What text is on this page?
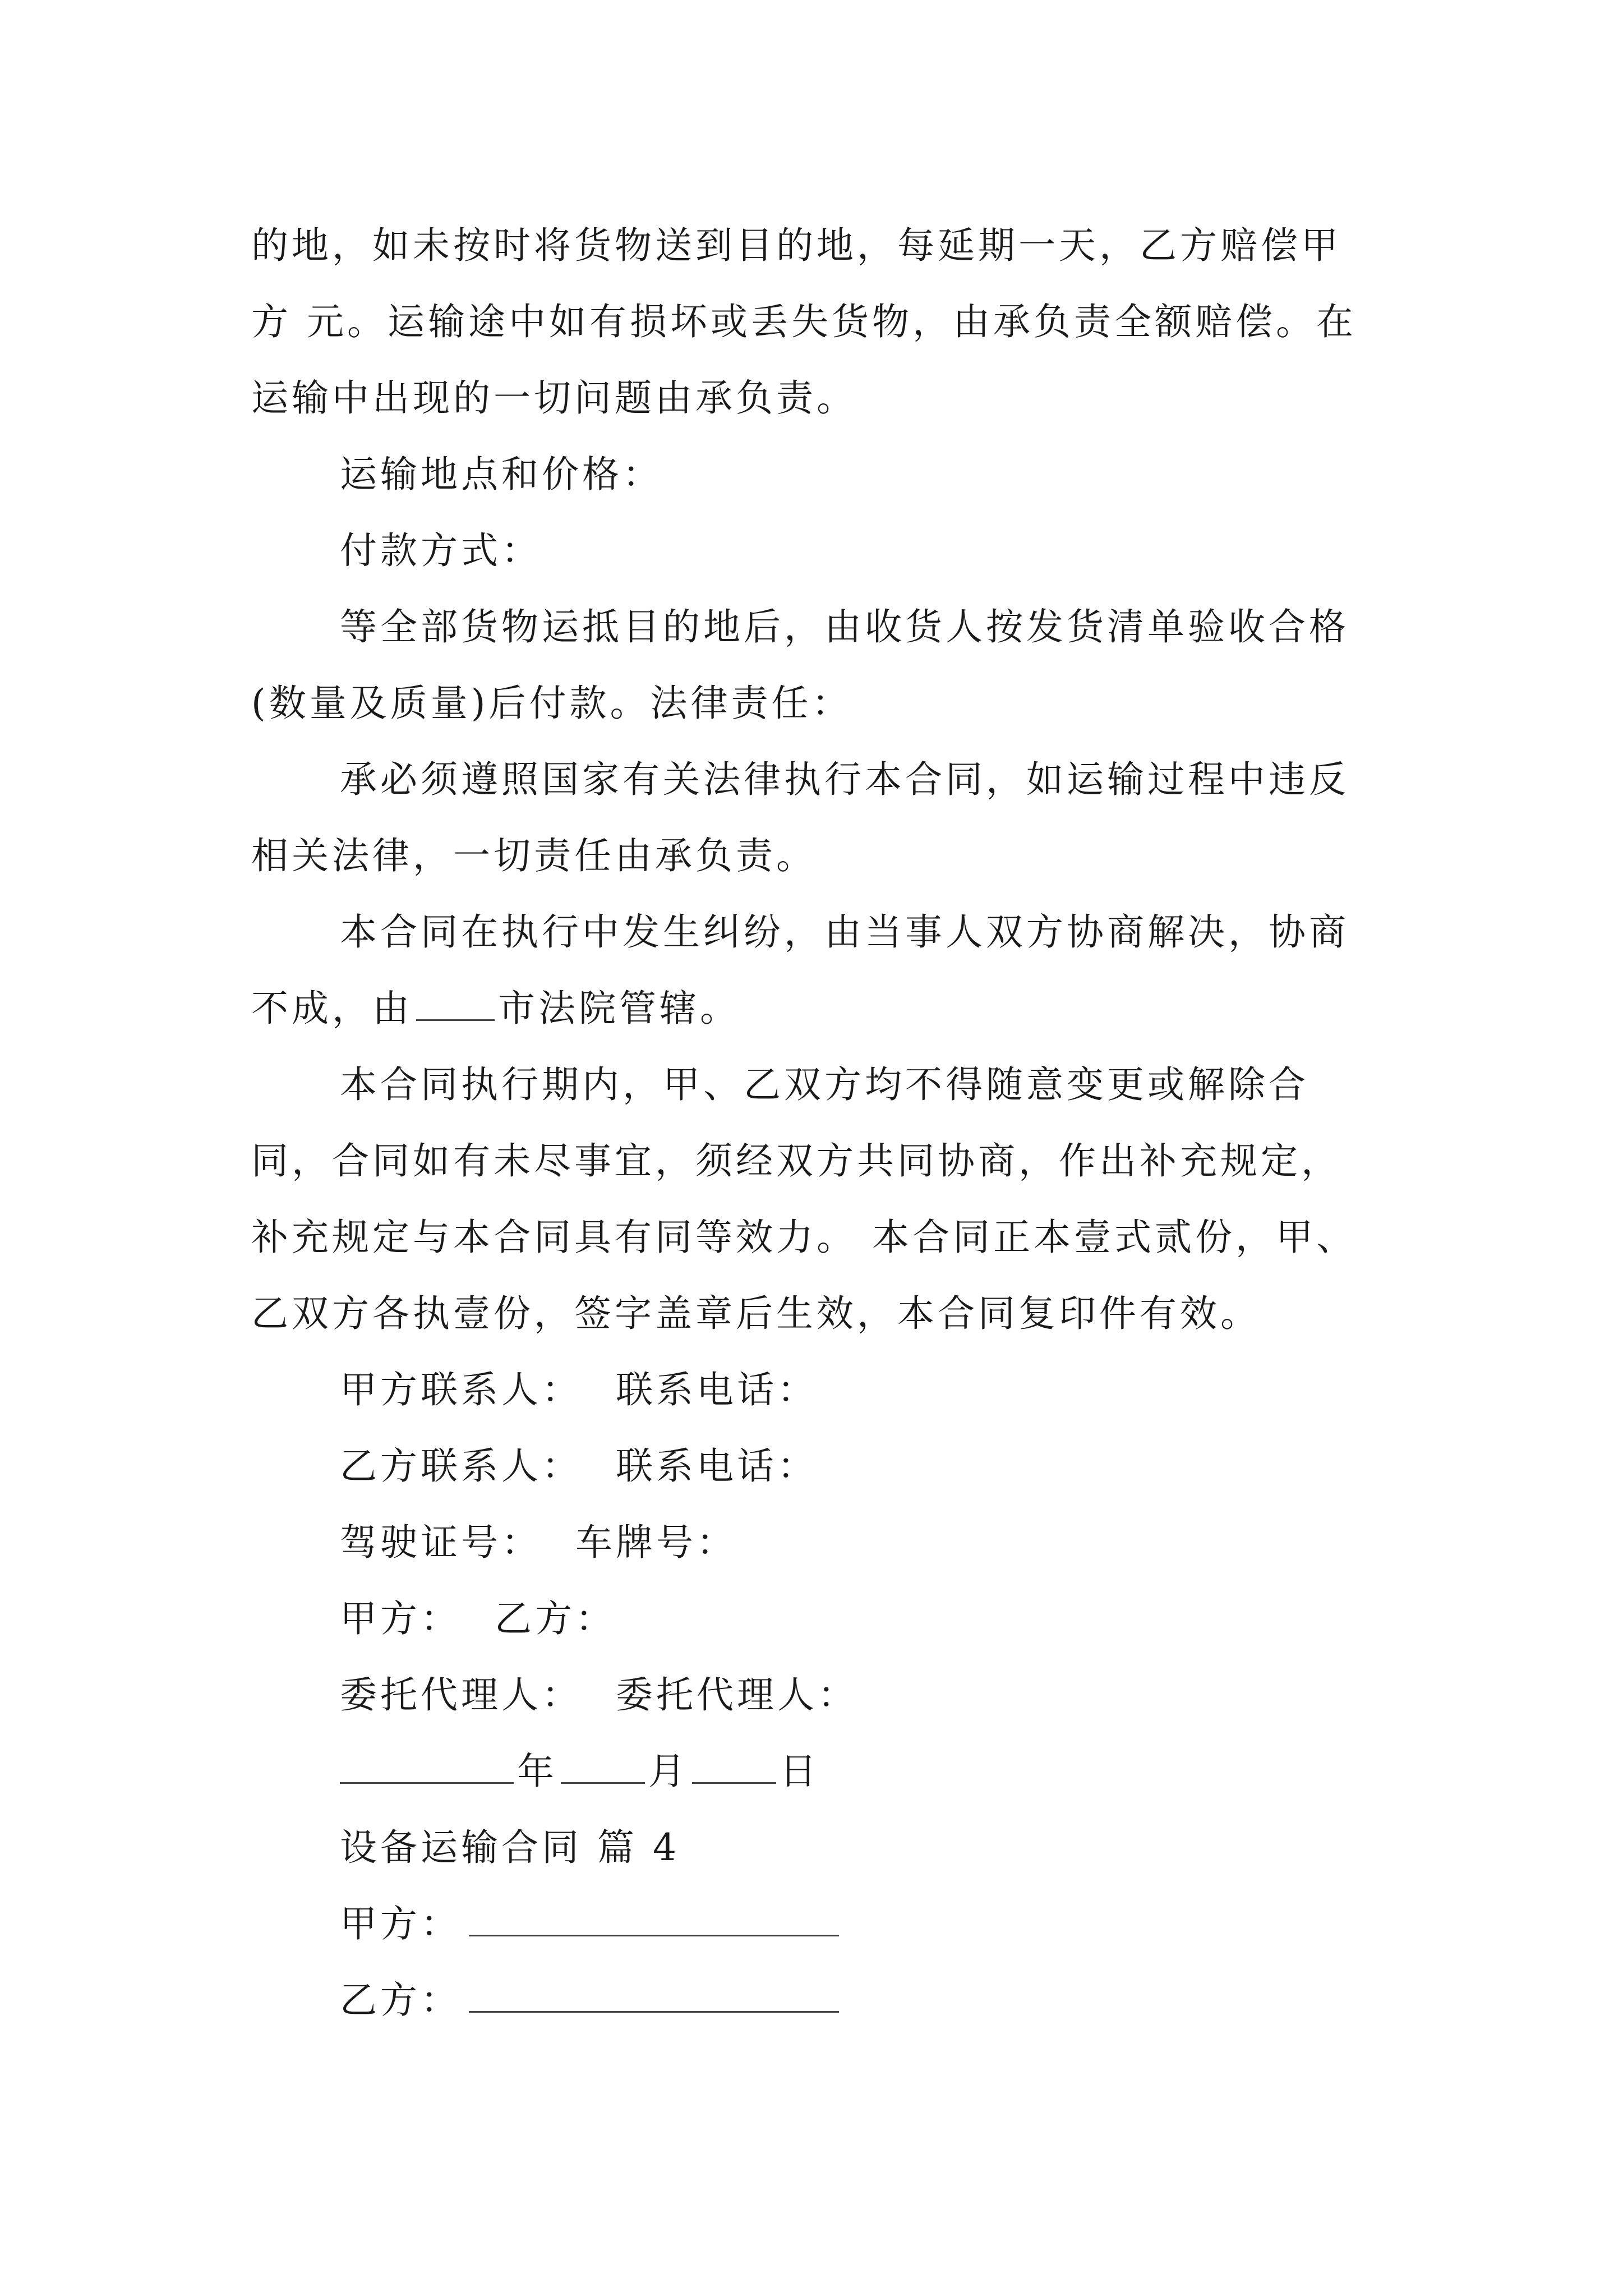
的地，如未按时将货物送到目的地，每延期一天，乙方赔偿甲方 元。运输途中如有损坏或丢失货物，由承负责全额赔偿。在运输中出现的一切问题由承负责。

运输地点和价格：

付款方式：

等全部货物运抵目的地后，由收货人按发货清单验收合格(数量及质量)后付款。法律责任：

承必须遵照国家有关法律执行本合同，如运输过程中违反相关法律，一切责任由承负责。

本合同在执行中发生纠纷，由当事人双方协商解决，协商不成，由 市法院管辖。

本合同执行期内，甲、乙双方均不得随意变更或解除合同，合同如有未尽事宜，须经双方共同协商，作出补充规定，补充规定与本合同具有同等效力。 本合同正本壹式贰份，甲、乙双方各执壹份，签字盖章后生效，本合同复印件有效。

甲方联系人： 联系电话：

乙方联系人： 联系电话：

驾驶证号： 车牌号：

甲方： 乙方：

委托代理人： 委托代理人：

年 月 日

设备运输合同 篇 4

甲方：

乙方：
